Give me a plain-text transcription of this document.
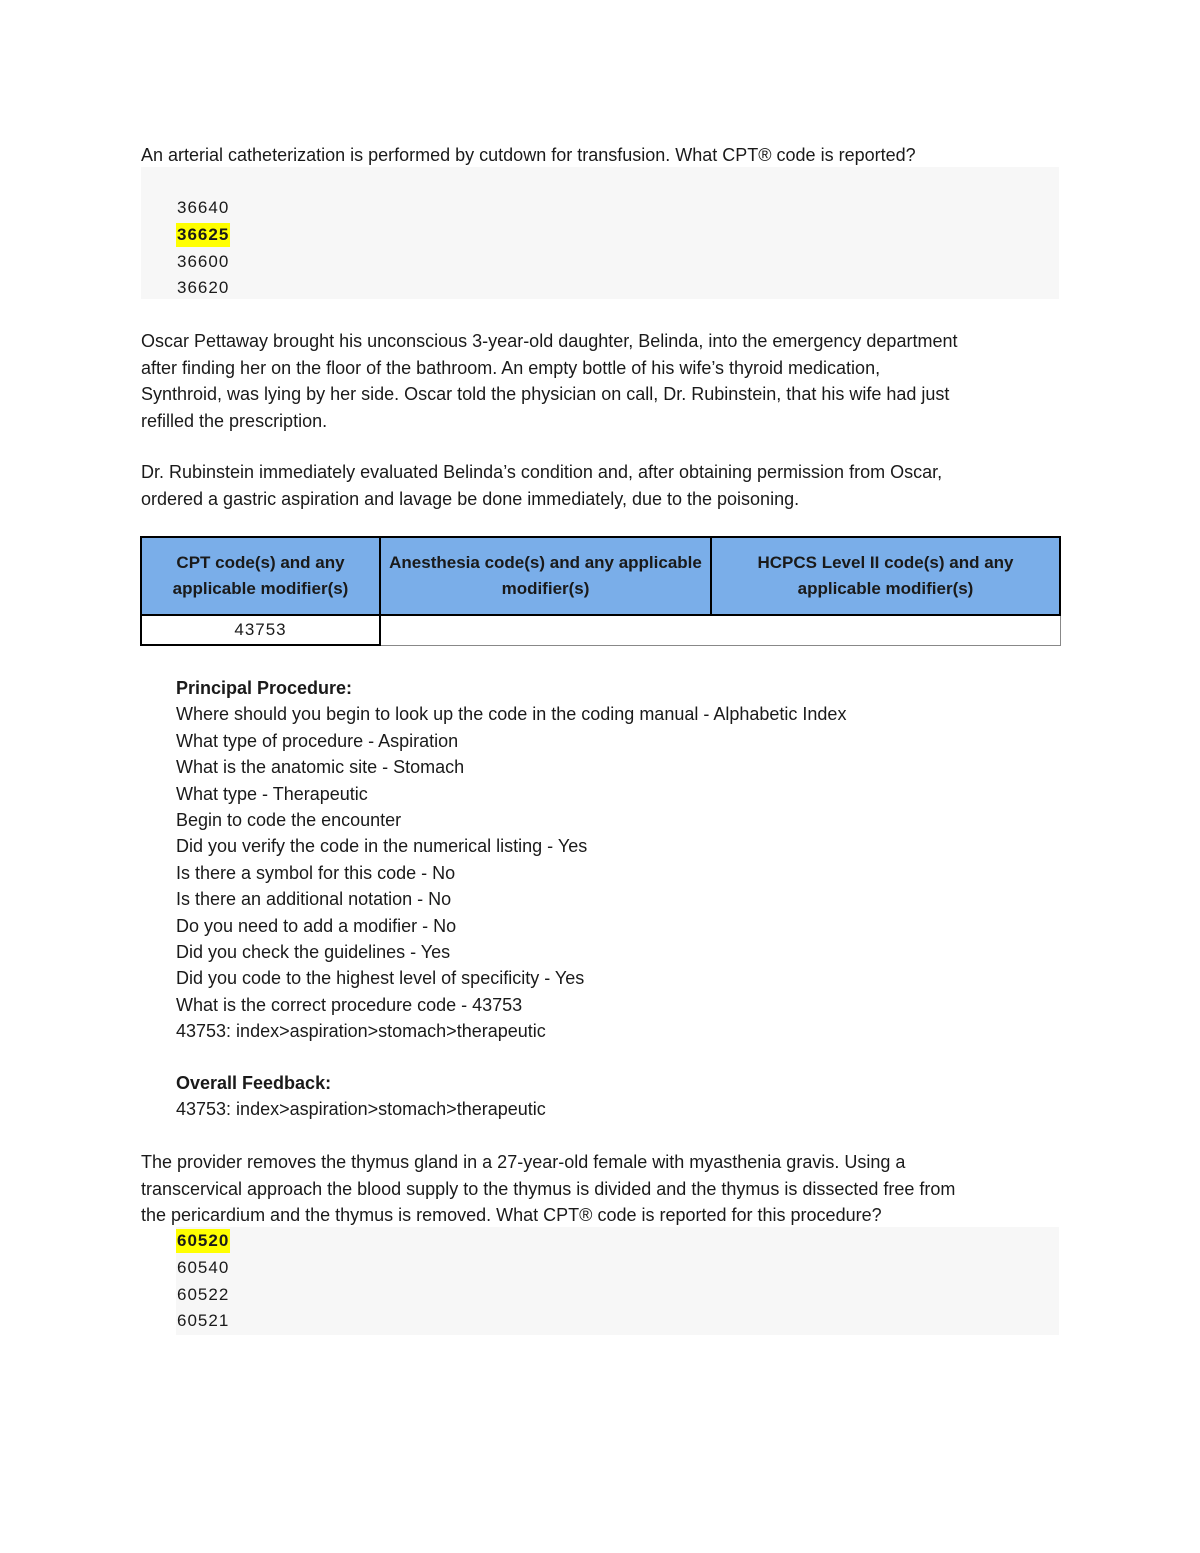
An arterial catheterization is performed by cutdown for transfusion. What CPT® code is reported?
36640
36625
36600
36620
Oscar Pettaway brought his unconscious 3-year-old daughter, Belinda, into the emergency department
after finding her on the floor of the bathroom. An empty bottle of his wife’s thyroid medication,
Synthroid, was lying by her side. Oscar told the physician on call, Dr. Rubinstein, that his wife had just
refilled the prescription.
Dr. Rubinstein immediately evaluated Belinda’s condition and, after obtaining permission from Oscar,
ordered a gastric aspiration and lavage be done immediately, due to the poisoning.
CPT code(s) and any applicable modifier(s)	Anesthesia code(s) and any applicable modifier(s)	HCPCS Level II code(s) and any applicable modifier(s)
43753		
Principal Procedure:
Where should you begin to look up the code in the coding manual - Alphabetic Index
What type of procedure - Aspiration
What is the anatomic site - Stomach
What type - Therapeutic
Begin to code the encounter
Did you verify the code in the numerical listing - Yes
Is there a symbol for this code - No
Is there an additional notation - No
Do you need to add a modifier - No
Did you check the guidelines - Yes
Did you code to the highest level of specificity - Yes
What is the correct procedure code - 43753
43753: index>aspiration>stomach>therapeutic
Overall Feedback:
43753: index>aspiration>stomach>therapeutic
The provider removes the thymus gland in a 27-year-old female with myasthenia gravis. Using a
transcervical approach the blood supply to the thymus is divided and the thymus is dissected free from
the pericardium and the thymus is removed. What CPT® code is reported for this procedure?
60520
60540
60522
60521
